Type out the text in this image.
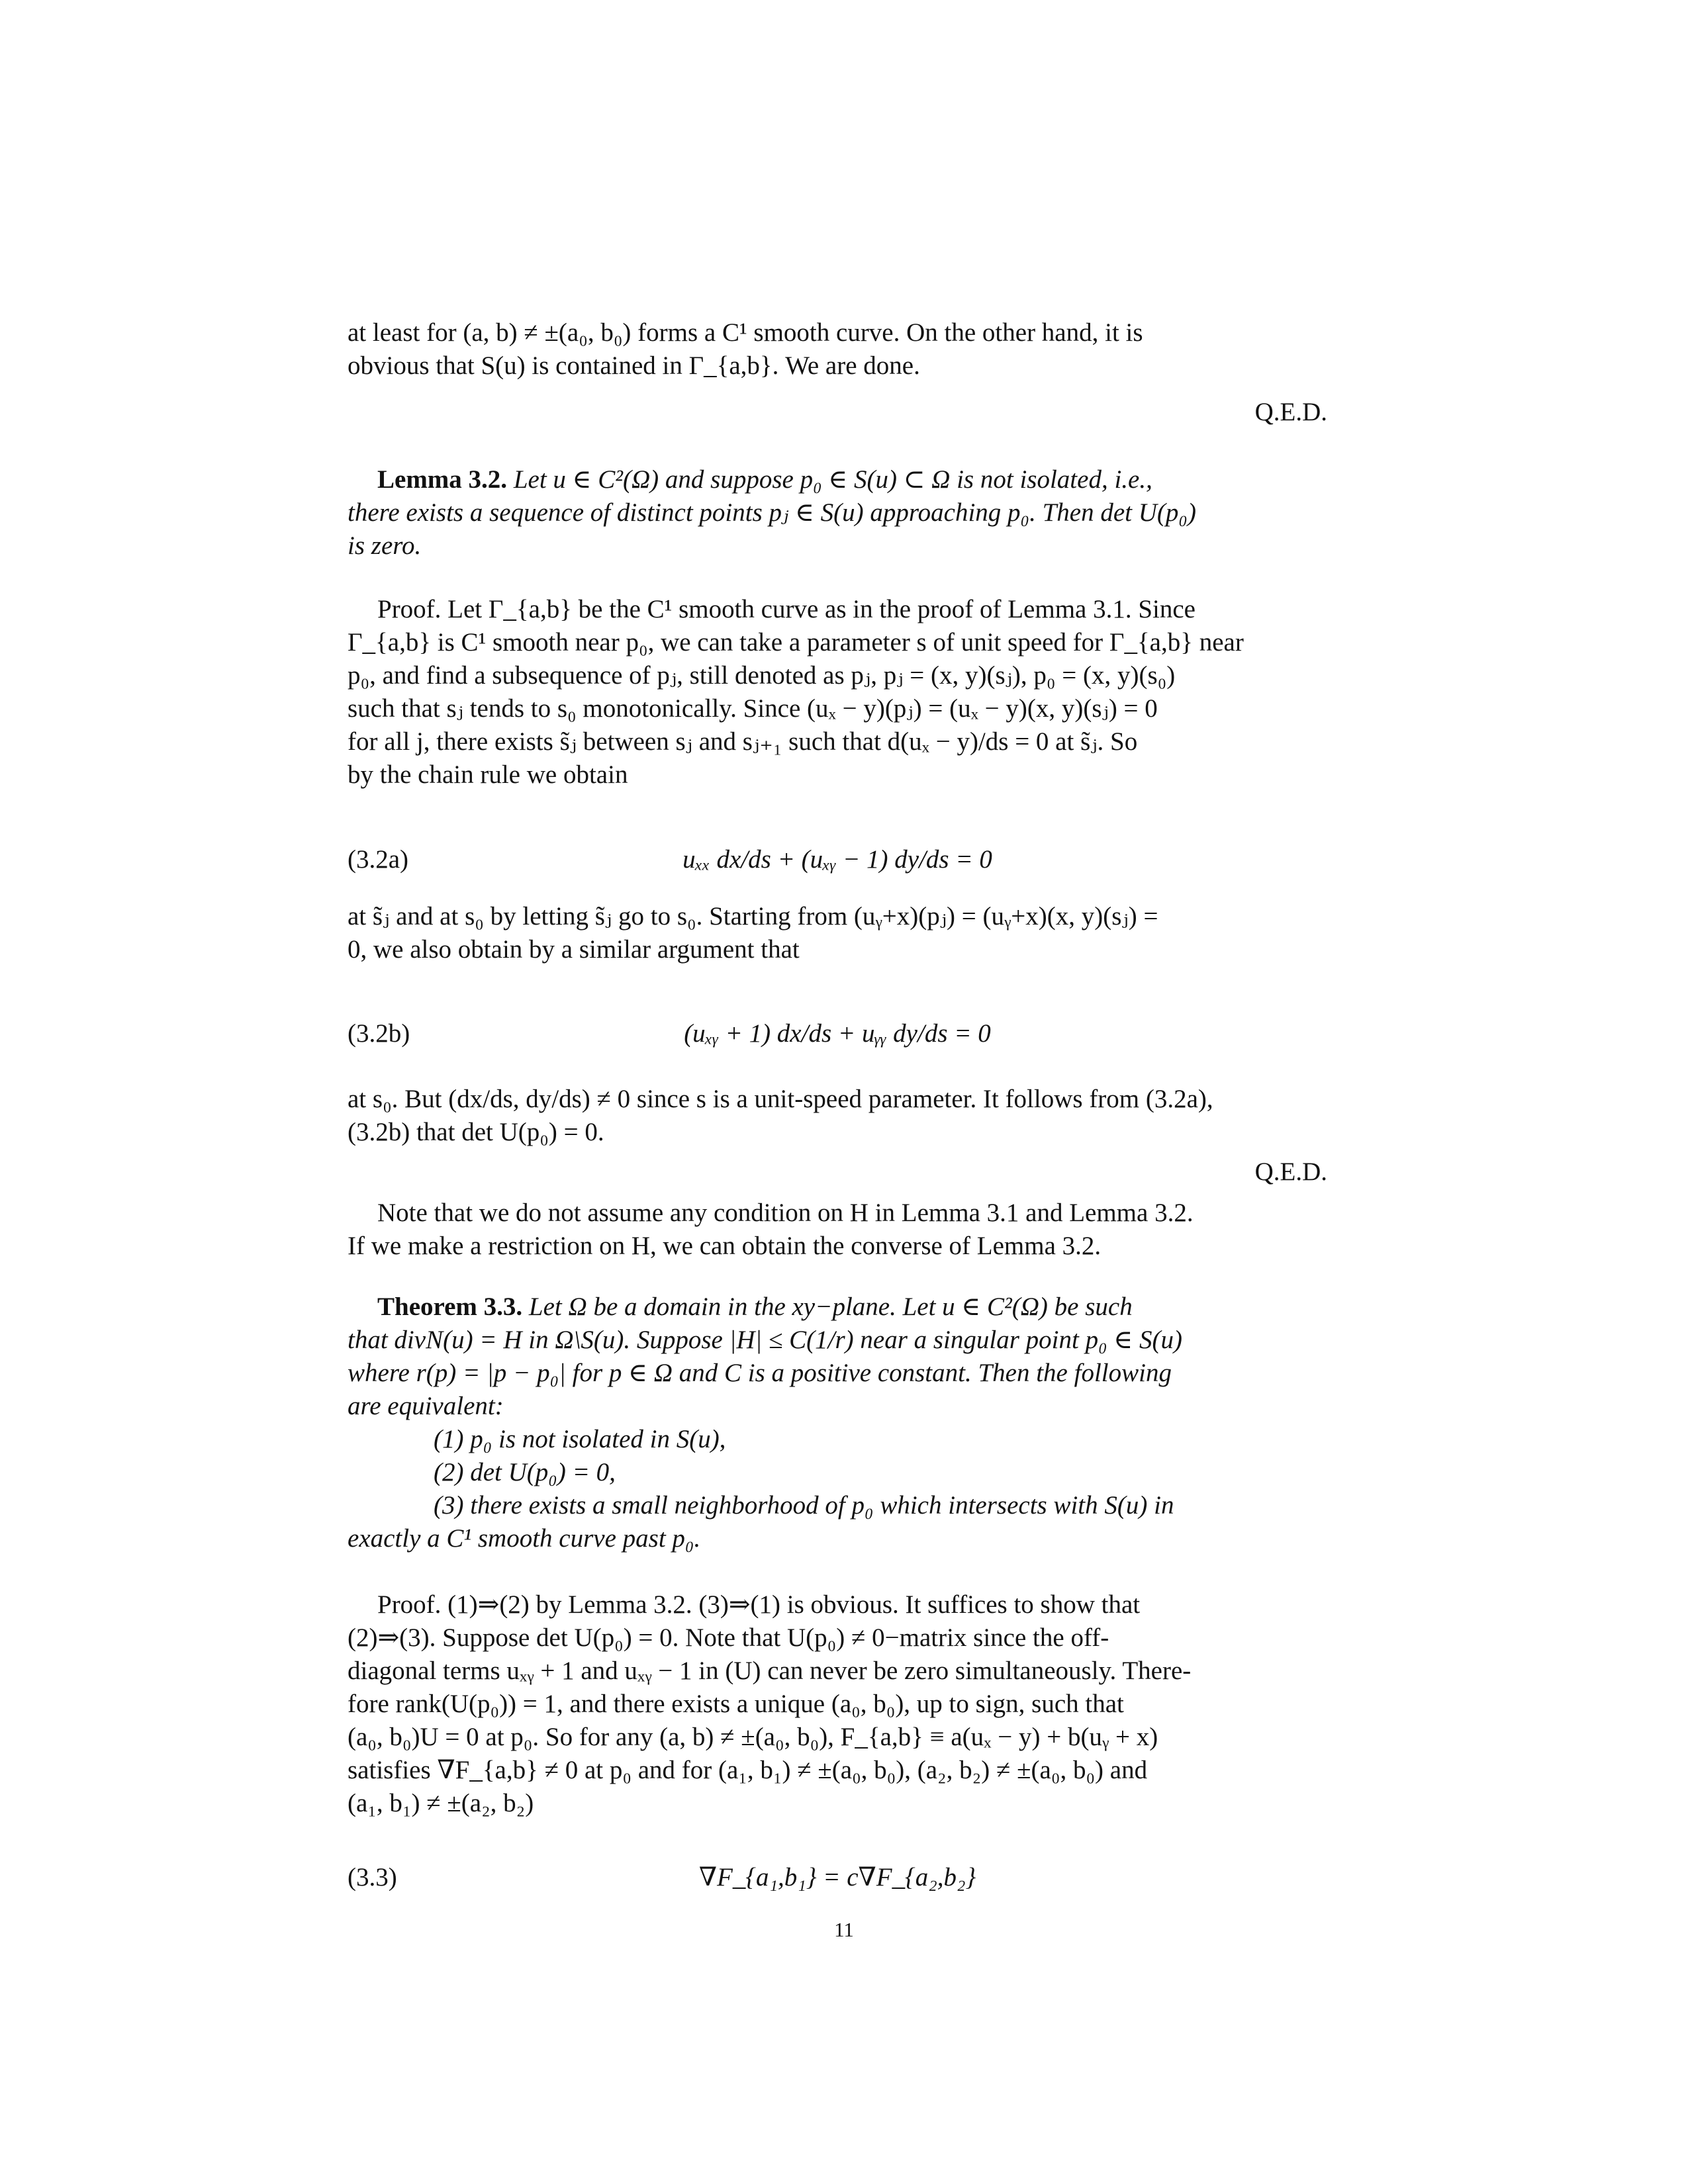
at least for (a, b) ≠ ±(a₀, b₀) forms a C¹ smooth curve. On the other hand, it is
obvious that S(u) is contained in Γ_{a,b}. We are done.
Q.E.D.
Lemma 3.2. Let u ∈ C²(Ω) and suppose p₀ ∈ S(u) ⊂ Ω is not isolated, i.e.,
there exists a sequence of distinct points pⱼ ∈ S(u) approaching p₀. Then det U(p₀)
is zero.
Proof. Let Γ_{a,b} be the C¹ smooth curve as in the proof of Lemma 3.1. Since
Γ_{a,b} is C¹ smooth near p₀, we can take a parameter s of unit speed for Γ_{a,b} near
p₀, and find a subsequence of pⱼ, still denoted as pⱼ, pⱼ = (x, y)(sⱼ), p₀ = (x, y)(s₀)
such that sⱼ tends to s₀ monotonically. Since (uₓ − y)(pⱼ) = (uₓ − y)(x, y)(sⱼ) = 0
for all j, there exists s̃ⱼ between sⱼ and sⱼ₊₁ such that d(uₓ − y)/ds = 0 at s̃ⱼ. So
by the chain rule we obtain
(3.2a)	uₓₓ dx/ds + (uₓᵧ − 1) dy/ds = 0
at s̃ⱼ and at s₀ by letting s̃ⱼ go to s₀. Starting from (uᵧ+x)(pⱼ) = (uᵧ+x)(x, y)(sⱼ) =
0, we also obtain by a similar argument that
(3.2b)	(uₓᵧ + 1) dx/ds + uᵧᵧ dy/ds = 0
at s₀. But (dx/ds, dy/ds) ≠ 0 since s is a unit-speed parameter. It follows from (3.2a),
(3.2b) that det U(p₀) = 0.
Q.E.D.
Note that we do not assume any condition on H in Lemma 3.1 and Lemma 3.2.
If we make a restriction on H, we can obtain the converse of Lemma 3.2.
Theorem 3.3. Let Ω be a domain in the xy−plane. Let u ∈ C²(Ω) be such
that divN(u) = H in Ω\S(u). Suppose |H| ≤ C(1/r) near a singular point p₀ ∈ S(u)
where r(p) = |p − p₀| for p ∈ Ω and C is a positive constant. Then the following
are equivalent:
(1) p₀ is not isolated in S(u),
(2) det U(p₀) = 0,
(3) there exists a small neighborhood of p₀ which intersects with S(u) in
exactly a C¹ smooth curve past p₀.
Proof. (1)⇒(2) by Lemma 3.2. (3)⇒(1) is obvious. It suffices to show that
(2)⇒(3). Suppose det U(p₀) = 0. Note that U(p₀) ≠ 0−matrix since the off-
diagonal terms uₓᵧ + 1 and uₓᵧ − 1 in (U) can never be zero simultaneously. There-
fore rank(U(p₀)) = 1, and there exists a unique (a₀, b₀), up to sign, such that
(a₀, b₀)U = 0 at p₀. So for any (a, b) ≠ ±(a₀, b₀), F_{a,b} ≡ a(uₓ − y) + b(uᵧ + x)
satisfies ∇F_{a,b} ≠ 0 at p₀ and for (a₁, b₁) ≠ ±(a₀, b₀), (a₂, b₂) ≠ ±(a₀, b₀) and
(a₁, b₁) ≠ ±(a₂, b₂)
(3.3)	∇F_{a₁,b₁} = c∇F_{a₂,b₂}
11
